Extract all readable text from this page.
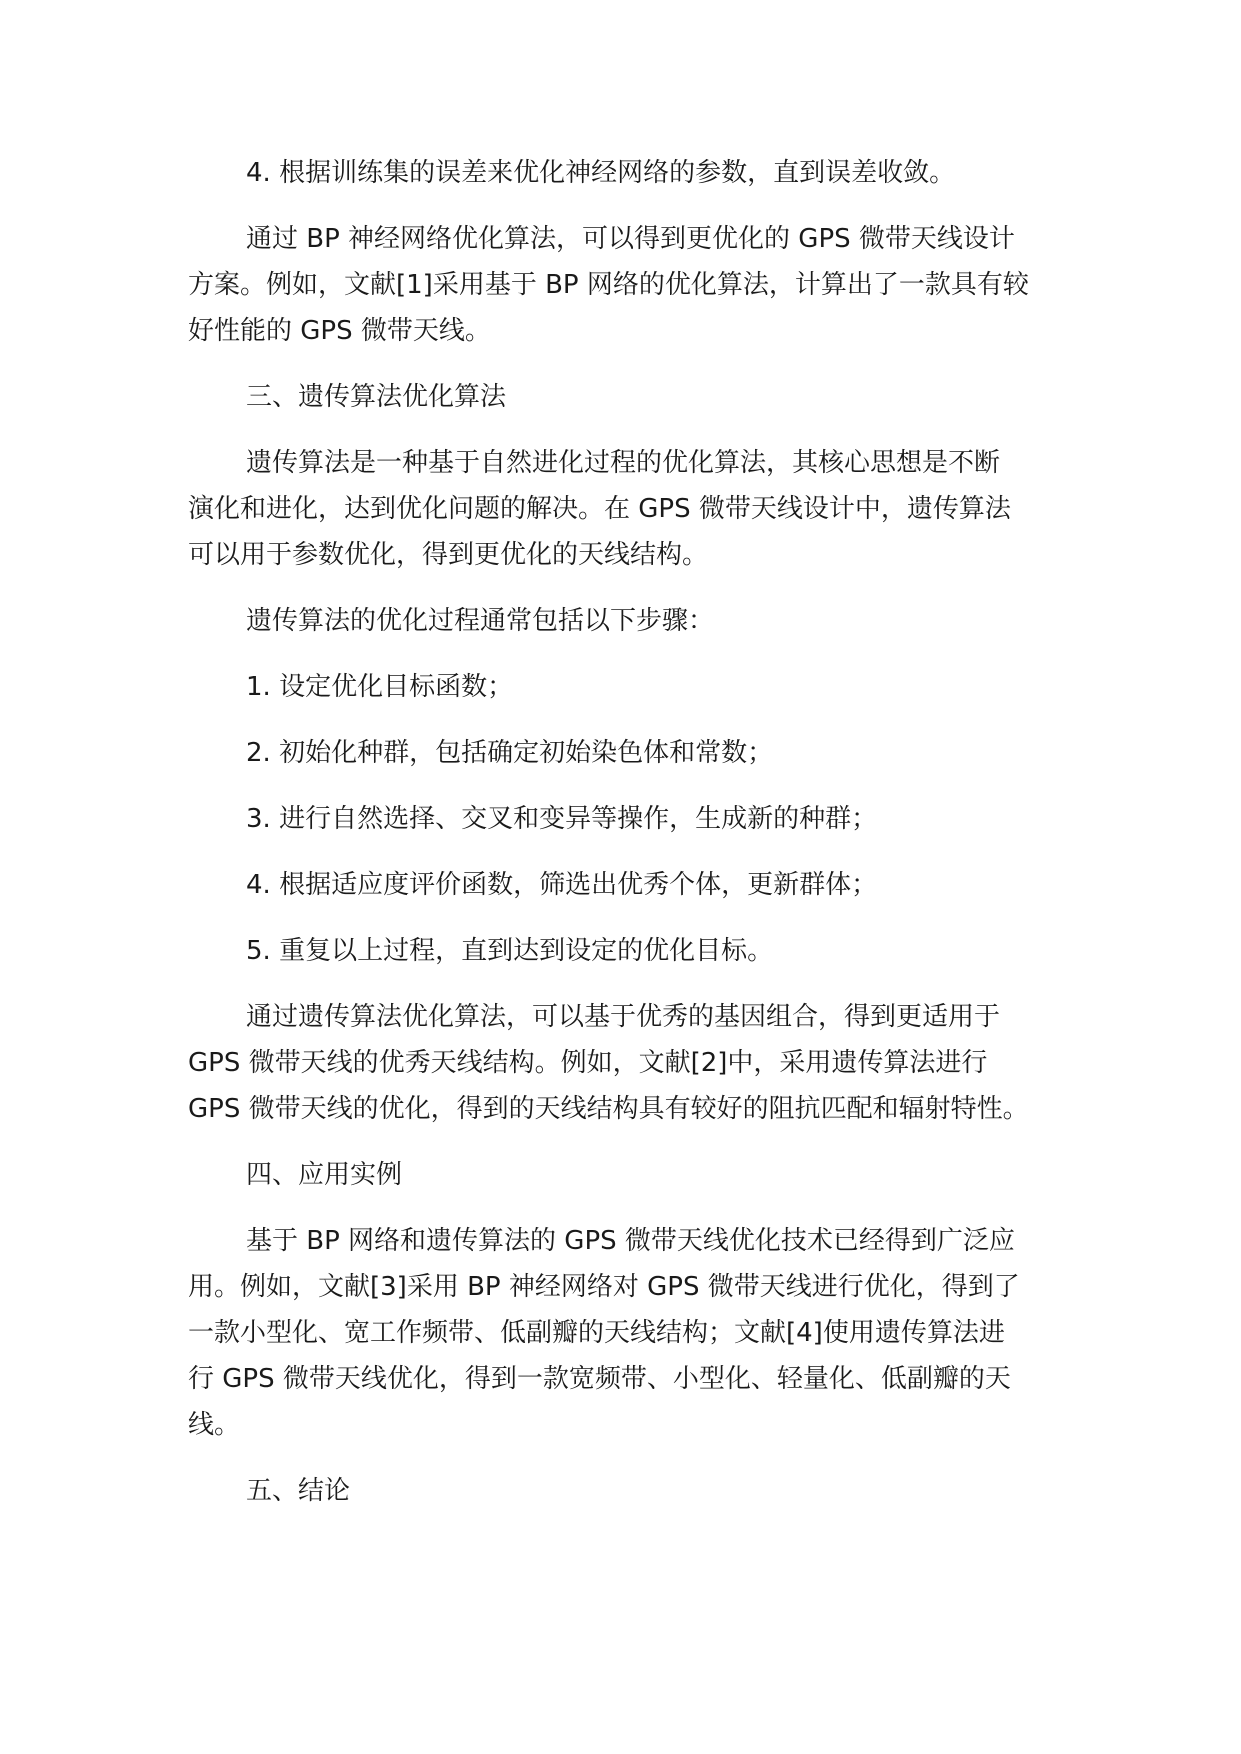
4. 根据训练集的误差来优化神经网络的参数，直到误差收敛。
通过 BP 神经网络优化算法，可以得到更优化的 GPS 微带天线设计
方案。例如，文献[1]采用基于 BP 网络的优化算法，计算出了一款具有较
好性能的 GPS 微带天线。
三、遗传算法优化算法
遗传算法是一种基于自然进化过程的优化算法，其核心思想是不断
演化和进化，达到优化问题的解决。在 GPS 微带天线设计中，遗传算法
可以用于参数优化，得到更优化的天线结构。
遗传算法的优化过程通常包括以下步骤：
1. 设定优化目标函数；
2. 初始化种群，包括确定初始染色体和常数；
3. 进行自然选择、交叉和变异等操作，生成新的种群；
4. 根据适应度评价函数，筛选出优秀个体，更新群体；
5. 重复以上过程，直到达到设定的优化目标。
通过遗传算法优化算法，可以基于优秀的基因组合，得到更适用于
GPS 微带天线的优秀天线结构。例如，文献[2]中，采用遗传算法进行
GPS 微带天线的优化，得到的天线结构具有较好的阻抗匹配和辐射特性。
四、应用实例
基于 BP 网络和遗传算法的 GPS 微带天线优化技术已经得到广泛应
用。例如，文献[3]采用 BP 神经网络对 GPS 微带天线进行优化，得到了
一款小型化、宽工作频带、低副瓣的天线结构；文献[4]使用遗传算法进
行 GPS 微带天线优化，得到一款宽频带、小型化、轻量化、低副瓣的天
线。
五、结论
